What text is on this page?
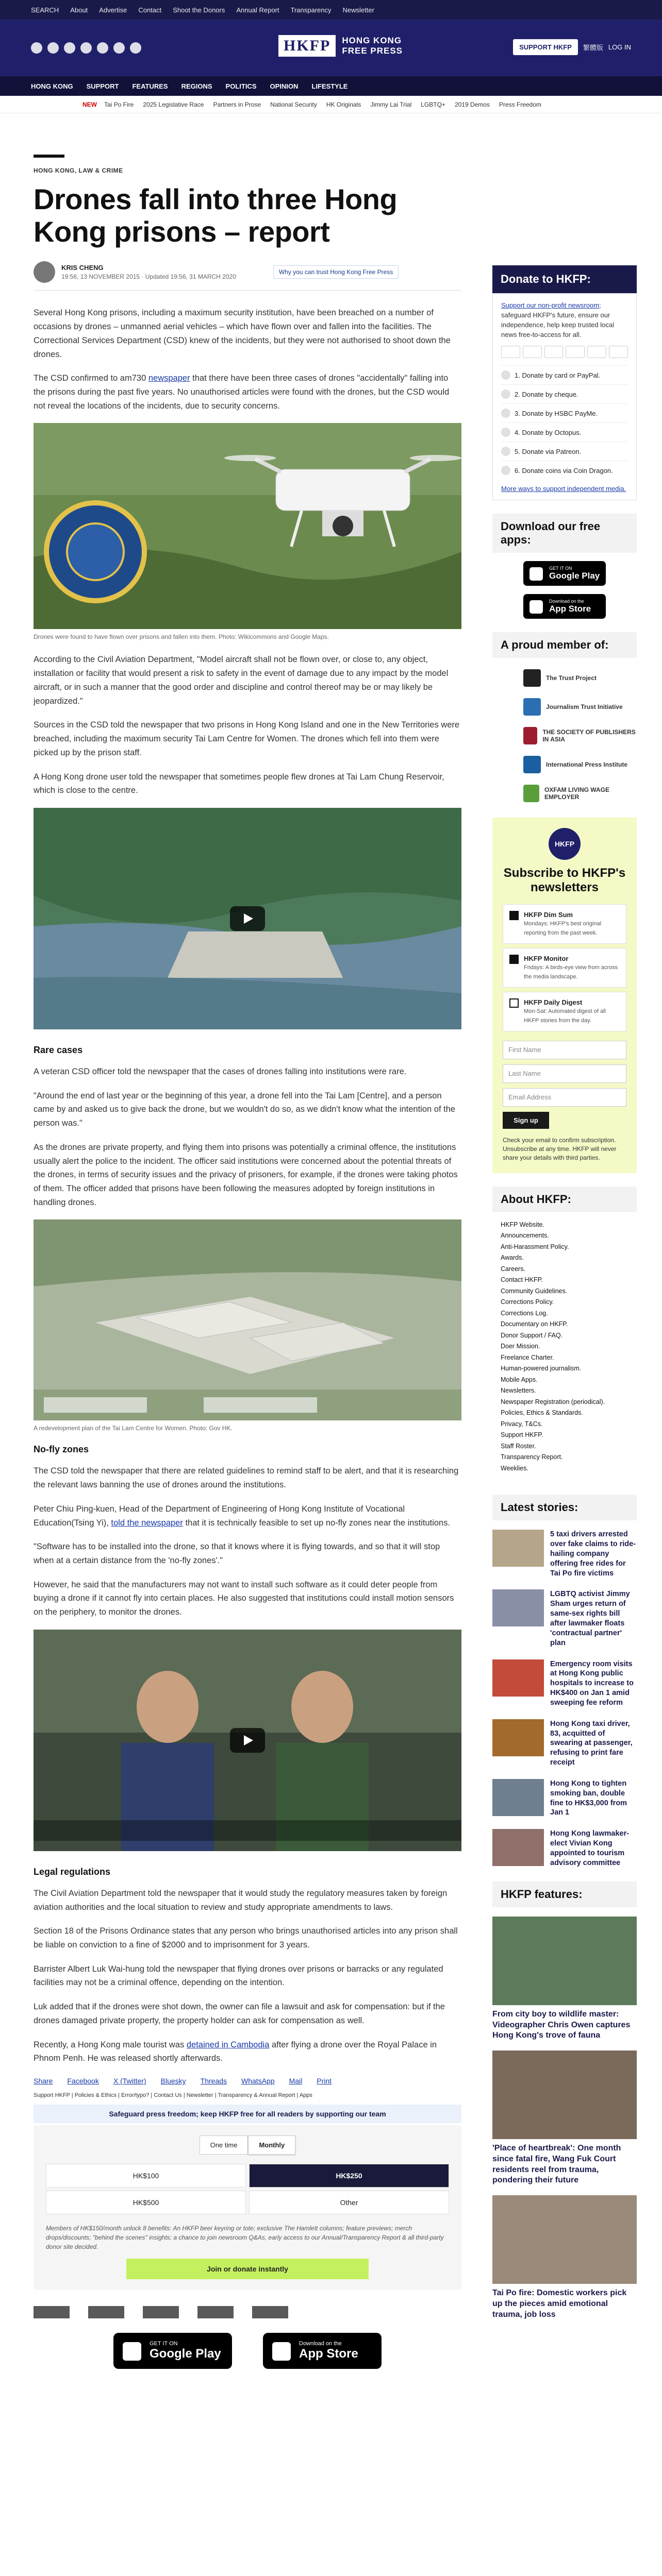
SEARCH About Advertise Contact Shoot the Donors Annual Report Transparency Newsletter
HKFP	HONG KONG
FREE PRESS	SUPPORT HKFP	繁體版 LOG IN
HONG KONG SUPPORT FEATURES REGIONS POLITICS OPINION LIFESTYLE
NEW Tai Po Fire 2025 Legislative Race Partners in Prose National Security HK Originals Jimmy Lai Trial LGBTQ+ 2019 Demos Press Freedom
HONG KONG, LAW & CRIME
Drones fall into three Hong Kong prisons – report
KRIS CHENG
19:56, 13 NOVEMBER 2015 · Updated 19:56, 31 MARCH 2020
Why you can trust Hong Kong Free Press

Several Hong Kong prisons, including a maximum security institution, have been breached on a number of occasions by drones – unmanned aerial vehicles – which have flown over and fallen into the facilities. The Correctional Services Department (CSD) knew of the incidents, but they were not authorised to shoot down the drones.

The CSD confirmed to am730 newspaper that there have been three cases of drones "accidentally" falling into the prisons during the past five years. No unauthorised articles were found with the drones, but the CSD would not reveal the locations of the incidents, due to security concerns.

Drones were found to have flown over prisons and fallen into them. Photo: Wikicommons and Google Maps.

According to the Civil Aviation Department, "Model aircraft shall not be flown over, or close to, any object, installation or facility that would present a risk to safety in the event of damage due to any impact by the model aircraft, or in such a manner that the good order and discipline and control thereof may be or may likely be jeopardized."

Sources in the CSD told the newspaper that two prisons in Hong Kong Island and one in the New Territories were breached, including the maximum security Tai Lam Centre for Women. The drones which fell into them were picked up by the prison staff.

A Hong Kong drone user told the newspaper that sometimes people flew drones at Tai Lam Chung Reservoir, which is close to the centre.

Rare cases

A veteran CSD officer told the newspaper that the cases of drones falling into institutions were rare.

"Around the end of last year or the beginning of this year, a drone fell into the Tai Lam [Centre], and a person came by and asked us to give back the drone, but we wouldn't do so, as we didn't know what the intention of the person was."

As the drones are private property, and flying them into prisons was potentially a criminal offence, the institutions usually alert the police to the incident. The officer said institutions were concerned about the potential threats of the drones, in terms of security issues and the privacy of prisoners, for example, if the drones were taking photos of them. The officer added that prisons have been following the measures adopted by foreign institutions in handling drones.

A redevelopment plan of the Tai Lam Centre for Women. Photo: Gov HK.
No-fly zones

The CSD told the newspaper that there are related guidelines to remind staff to be alert, and that it is researching the relevant laws banning the use of drones around the institutions.

Peter Chiu Ping-kuen, Head of the Department of Engineering of Hong Kong Institute of Vocational Education(Tsing Yi), told the newspaper that it is technically feasible to set up no-fly zones near the institutions.

"Software has to be installed into the drone, so that it knows where it is flying towards, and so that it will stop when at a certain distance from the 'no-fly zones'."

However, he said that the manufacturers may not want to install such software as it could deter people from buying a drone if it cannot fly into certain places. He also suggested that institutions could install motion sensors on the periphery, to monitor the drones.

Legal regulations

The Civil Aviation Department told the newspaper that it would study the regulatory measures taken by foreign aviation authorities and the local situation to review and study appropriate amendments to laws.

Section 18 of the Prisons Ordinance states that any person who brings unauthorised articles into any prison shall be liable on conviction to a fine of $2000 and to imprisonment for 3 years.

Barrister Albert Luk Wai-hung told the newspaper that flying drones over prisons or barracks or any regulated facilities may not be a criminal offence, depending on the intention.

Luk added that if the drones were shot down, the owner can file a lawsuit and ask for compensation: but if the drones damaged private property, the property holder can ask for compensation as well.

Recently, a Hong Kong male tourist was detained in Cambodia after flying a drone over the Royal Palace in Phnom Penh. He was released shortly afterwards.

Share Facebook X (Twitter) Bluesky Threads WhatsApp Mail Print
Support HKFP | Policies & Ethics | Error/typo? | Contact Us | Newsletter | Transparency & Annual Report | Apps
Safeguard press freedom; keep HKFP free for all readers by supporting our team
One time	Monthly
HK$100	HK$250
HK$500	Other
Members of HK$150/month unlock 8 benefits: An HKFP beer keyring or tote; exclusive The Hamlett columns; feature previews; merch drops/discounts; "behind the scenes" insights; a chance to join newsroom Q&As, early access to our Annual/Transparency Report & all third-party donor site decided.
Join or donate instantly
GET IT ON
Google Play
Download on the
App Store
Donate to HKFP:
Support our non-profit newsroom; safeguard HKFP's future, ensure our independence, help keep trusted local news free-to-access for all.
1. Donate by card or PayPal.
2. Donate by cheque.
3. Donate by HSBC PayMe.
4. Donate by Octopus.
5. Donate via Patreon.
6. Donate coins via Coin Dragon.
More ways to support independent media.
Download our free apps:
GET IT ON
Google Play
Download on the
App Store
A proud member of:
The Trust Project
Journalism Trust Initiative
THE SOCIETY OF PUBLISHERS IN ASIA
International Press Institute
OXFAM LIVING WAGE EMPLOYER
HKFP
Subscribe to HKFP's newsletters
HKFP Dim Sum
Mondays: HKFP's best original reporting from the past week.
HKFP Monitor
Fridays: A birds-eye view from across the media landscape.
HKFP Daily Digest
Mon-Sat: Automated digest of all HKFP stories from the day.
First Name
Last Name
Email Address
Sign up
Check your email to confirm subscription. Unsubscribe at any time. HKFP will never share your details with third parties.
About HKFP:
HKFP Website.
Announcements.
Anti-Harassment Policy.
Awards.
Careers.
Contact HKFP.
Community Guidelines.
Corrections Policy.
Corrections Log.
Documentary on HKFP.
Donor Support / FAQ.
Doer Mission.
Freelance Charter.
Human-powered journalism.
Mobile Apps.
Newsletters.
Newspaper Registration (periodical).
Policies, Ethics & Standards.
Privacy, T&Cs.
Support HKFP.
Staff Roster.
Transparency Report.
Weeklies.
Latest stories:
5 taxi drivers arrested over fake claims to ride-hailing company offering free rides for Tai Po fire victims
LGBTQ activist Jimmy Sham urges return of same-sex rights bill after lawmaker floats 'contractual partner' plan
Emergency room visits at Hong Kong public hospitals to increase to HK$400 on Jan 1 amid sweeping fee reform
Hong Kong taxi driver, 83, acquitted of swearing at passenger, refusing to print fare receipt
Hong Kong to tighten smoking ban, double fine to HK$3,000 from Jan 1
Hong Kong lawmaker-elect Vivian Kong appointed to tourism advisory committee
HKFP features:
From city boy to wildlife master: Videographer Chris Owen captures Hong Kong's trove of fauna
'Place of heartbreak': One month since fatal fire, Wang Fuk Court residents reel from trauma, pondering their future
Tai Po fire: Domestic workers pick up the pieces amid emotional trauma, job loss
